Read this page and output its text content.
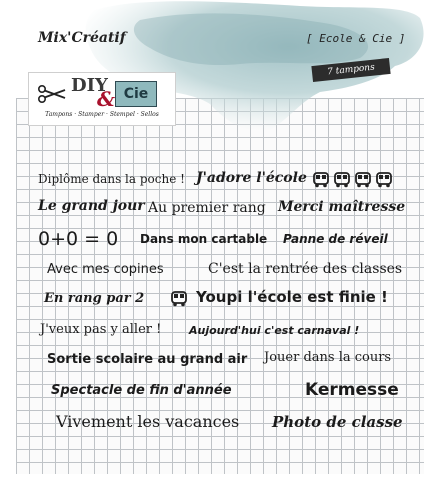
Mix'Créatif	[ Ecole & Cie ]
7 tampons
DIY	Cie
&
Tampons · Stamper · Stempel · Sellos
Diplôme dans la poche ! J'adore l'école
Le grand jour Au premier rang Merci maîtresse
0+0 = 0 Dans mon cartable Panne de réveil
Avec mes copines	C'est la rentrée des classes
En rang par 2	Youpi l'école est finie !
J'veux pas y aller !	Aujourd'hui c'est carnaval !
Sortie scolaire au grand air Jouer dans la cours
Spectacle de fin d'année	Kermesse
Vivement les vacances Photo de classe
